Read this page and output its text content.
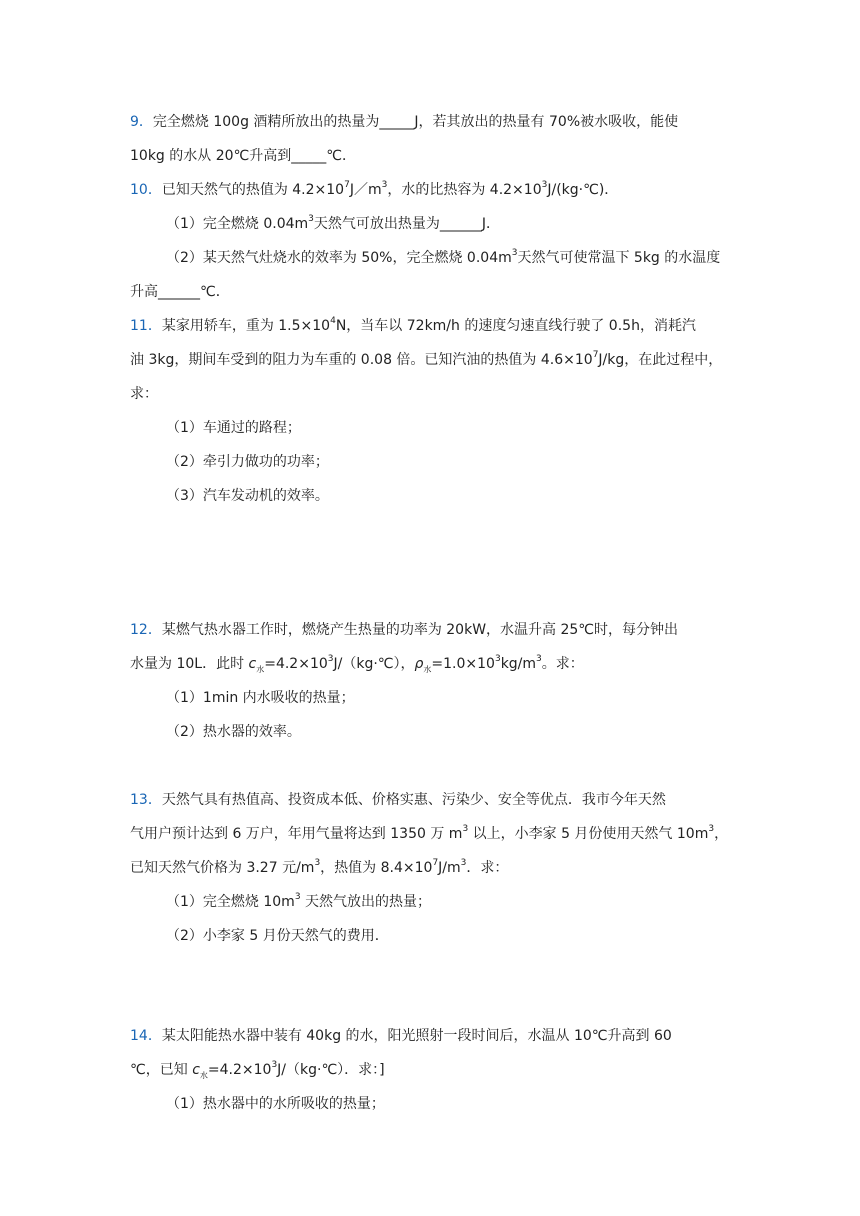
9．完全燃烧 100g 酒精所放出的热量为_____J，若其放出的热量有 70%被水吸收，能使
10kg 的水从 20℃升高到_____℃．
10．已知天然气的热值为 $4.2\times 10^7J/m^3$，水的比热容为 $4.2\times 10^3J/(kg\cdot℃)$．
（1）完全燃烧 $0.04m^3$天然气可放出热量为______J．
（2）某天然气灶烧水的效率为 50%，完全燃烧 $0.04m^3$天然气可使常温下 5kg 的水温度
升高______℃．
11．某家用轿车，重为 $1.5\times 10^4N$，当车以 72km/h 的速度匀速直线行驶了 0.5h，消耗汽
油 3kg，期间车受到的阻力为车重的 0.08 倍。已知汽油的热值为 $4.6\times 10^7J/kg$，在此过程中，
求：
（1）车通过的路程；
（2）牵引力做功的功率；
（3）汽车发动机的效率。
12．某燃气热水器工作时，燃烧产生热量的功率为 20kW，水温升高 25℃时，每分钟出
水量为 10L．此时 $c_水=4.2\times 10^3J/(kg\cdot℃)$，$\rho_水=1.0\times 10^3kg/m^3$。求：
（1）1min 内水吸收的热量；
（2）热水器的效率。
13．天然气具有热值高、投资成本低、价格实惠、污染少、安全等优点．我市今年天然
气用户预计达到 6 万户，年用气量将达到 1350 万 $m^3$ 以上，小李家 5 月份使用天然气 $10m^3$，
已知天然气价格为 3.27 元$/m^3$，热值为 $8.4\times 10^7J/m^3$．求：
（1）完全燃烧 $10m^3$ 天然气放出的热量；
（2）小李家 5 月份天然气的费用．
14．某太阳能热水器中装有 40kg 的水，阳光照射一段时间后，水温从 10℃升高到 60
℃，已知 $c_水=4.2\times 10^3J/(kg\cdot℃)$．求：]
（1）热水器中的水所吸收的热量；
